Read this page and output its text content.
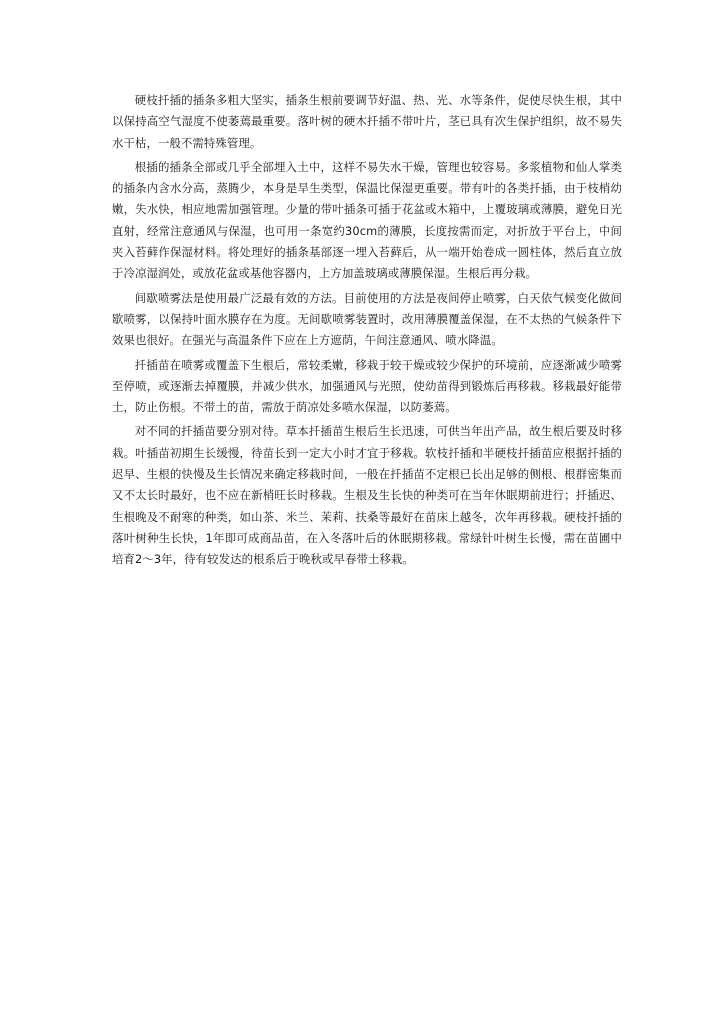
硬枝扦插的插条多粗大坚实，插条生根前要调节好温、热、光、水等条件，促使尽快生根，其中以保持高空气湿度不使萎蔫最重要。落叶树的硬木扦插不带叶片，茎已具有次生保护组织，故不易失水干枯，一般不需特殊管理。

根插的插条全部或几乎全部埋入土中，这样不易失水干燥，管理也较容易。多浆植物和仙人掌类的插条内含水分高，蒸腾少，本身是旱生类型，保温比保湿更重要。带有叶的各类扦插，由于枝梢幼嫩，失水快，相应地需加强管理。少量的带叶插条可插于花盆或木箱中，上覆玻璃或薄膜，避免日光直射，经常注意通风与保湿，也可用一条宽约30cm的薄膜，长度按需而定，对折放于平台上，中间夹入苔藓作保湿材料。将处理好的插条基部逐一埋入苔藓后，从一端开始卷成一圆柱体，然后直立放于冷凉湿润处，或放花盆或基他容器内，上方加盖玻璃或薄膜保湿。生根后再分栽。

间歇喷雾法是使用最广泛最有效的方法。目前使用的方法是夜间停止喷雾，白天依气候变化做间歇喷雾，以保持叶面水膜存在为度。无间歇喷雾装置时，改用薄膜覆盖保湿，在不太热的气候条件下效果也很好。在强光与高温条件下应在上方遮荫，午间注意通风、喷水降温。

扦插苗在喷雾或覆盖下生根后，常较柔嫩，移栽于较干燥或较少保护的环境前，应逐渐减少喷雾至停喷，或逐渐去掉覆膜，并减少供水，加强通风与光照，使幼苗得到锻炼后再移栽。移栽最好能带土，防止伤根。不带土的苗，需放于荫凉处多喷水保湿，以防萎蔫。

对不同的扦插苗要分别对待。草本扦插苗生根后生长迅速，可供当年出产品，故生根后要及时移栽。叶插苗初期生长缓慢，待苗长到一定大小时才宜于移栽。软枝扦插和半硬枝扦插苗应根据扦插的迟早、生根的快慢及生长情况来确定移栽时间，一般在扦插苗不定根已长出足够的侧根、根群密集而又不太长时最好，也不应在新梢旺长时移栽。生根及生长快的种类可在当年休眠期前进行；扦插迟、生根晚及不耐寒的种类，如山茶、米兰、茉莉、扶桑等最好在苗床上越冬，次年再移栽。硬枝扦插的落叶树种生长快，1年即可成商品苗，在入冬落叶后的休眠期移栽。常绿针叶树生长慢，需在苗圃中培育2～3年，待有较发达的根系后于晚秋或早春带土移栽。
